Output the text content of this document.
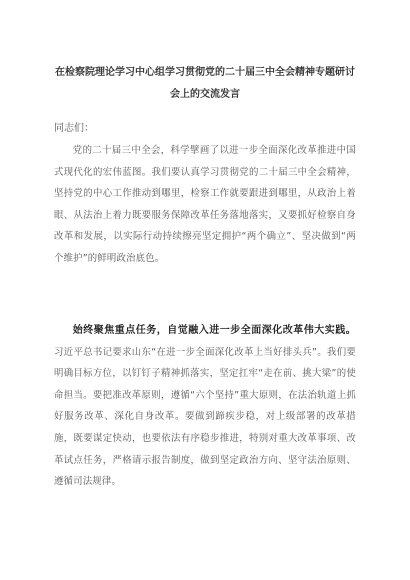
在检察院理论学习中心组学习贯彻党的二十届三中全会精神专题研讨会上的交流发言

同志们：

党的二十届三中全会，科学擘画了以进一步全面深化改革推进中国式现代化的宏伟蓝图。我们要认真学习贯彻党的二十届三中全会精神，坚持党的中心工作推动到哪里，检察工作就要跟进到哪里，从政治上着眼、从法治上着力既要服务保障改革任务落地落实，又要抓好检察自身改革和发展，以实际行动持续擦亮坚定拥护“两个确立”、坚决做到“两个维护”的鲜明政治底色。

始终聚焦重点任务，自觉融入进一步全面深化改革伟大实践。习近平总书记要求山东“在进一步全面深化改革上当好排头兵”。我们要明确目标方位，以钉钉子精神抓落实，坚定扛牢“走在前、挑大梁”的使命担当。要把准改革原则，遵循“六个坚持”重大原则，在法治轨道上抓好服务改革、深化自身改革。要做到蹄疾步稳，对上级部署的改革措施，既要谋定快动，也要依法有序稳步推进，特别对重大改革事项、改革试点任务，严格请示报告制度，做到坚定政治方向、坚守法治原则、遵循司法规律。
